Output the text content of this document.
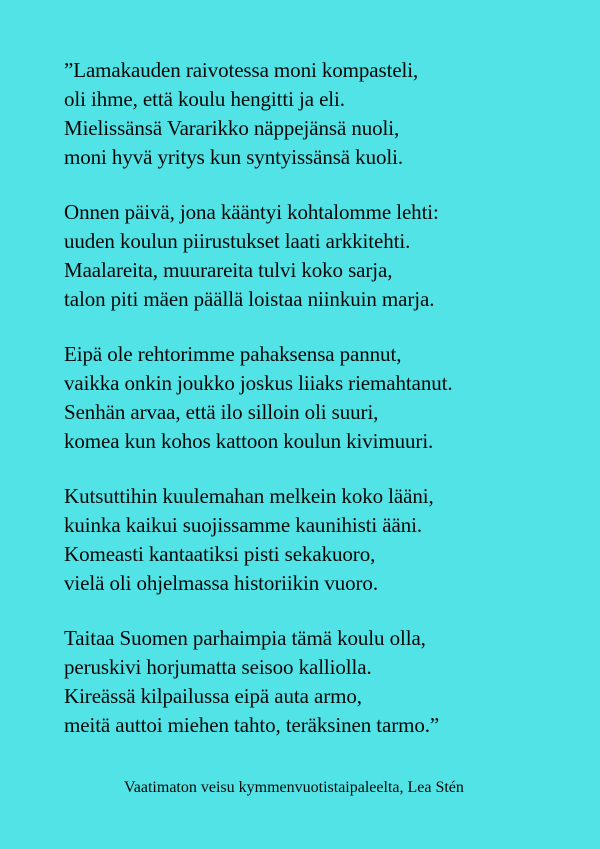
”Lamakauden raivotessa moni kompasteli,
oli ihme, että koulu hengitti ja eli.
Mielissänsä Vararikko näppejänsä nuoli,
moni hyvä yritys kun syntyissänsä kuoli.
Onnen päivä, jona kääntyi kohtalomme lehti:
uuden koulun piirustukset laati arkkitehti.
Maalareita, muurareita tulvi koko sarja,
talon piti mäen päällä loistaa niinkuin marja.
Eipä ole rehtorimme pahaksensa pannut,
vaikka onkin joukko joskus liiaks riemahtanut.
Senhän arvaa, että ilo silloin oli suuri,
komea kun kohos kattoon koulun kivimuuri.
Kutsuttihin kuulemahan melkein koko lääni,
kuinka kaikui suojissamme kaunihisti ääni.
Komeasti kantaatiksi pisti sekakuoro,
vielä oli ohjelmassa historiikin vuoro.
Taitaa Suomen parhaimpia tämä koulu olla,
peruskivi horjumatta seisoo kalliolla.
Kireässä kilpailussa eipä auta armo,
meitä auttoi miehen tahto, teräksinen tarmo.”
Vaatimaton veisu kymmenvuotistaipaleelta, Lea Stén
